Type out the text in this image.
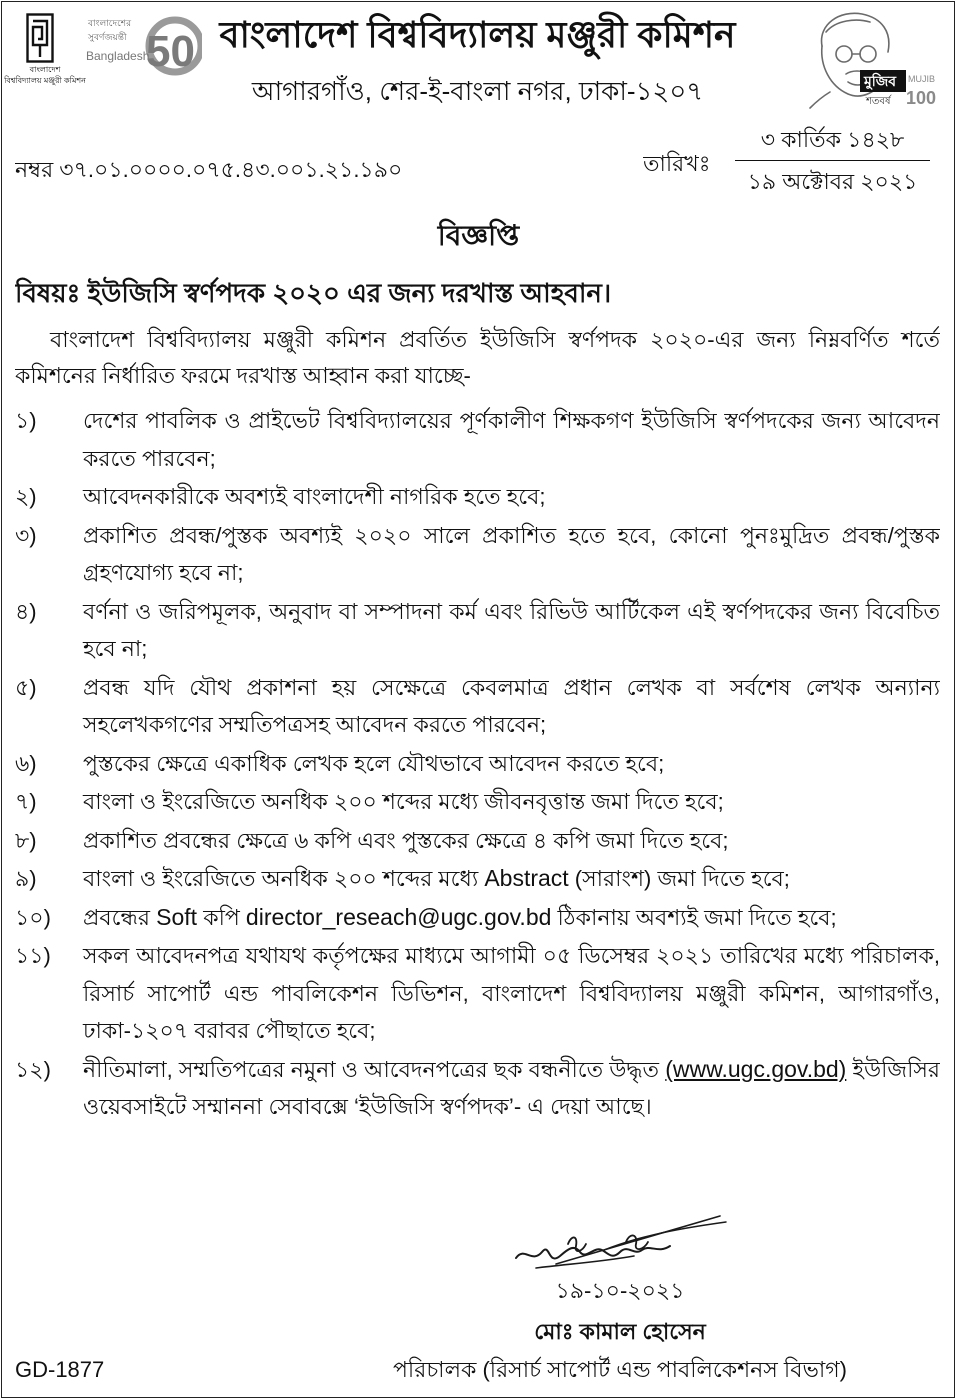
বাংলাদেশ
বিশ্ববিদ্যালয় মঞ্জুরী কমিশন
বাংলাদেশের
সুবর্ণজয়ন্তী
Bangladesh
50 বাংলাদেশ বিশ্ববিদ্যালয় মঞ্জুরী কমিশন
আগারগাঁও, শের-ই-বাংলা নগর, ঢাকা-১২০৭	মুজিব
শতবর্ষ
MUJIB
100
নম্বর ৩৭.০১.০০০০.০৭৫.৪৩.০০১.২১.১৯০	তারিখঃ
৩ কার্তিক ১৪২৮
১৯ অক্টোবর ২০২১
বিজ্ঞপ্তি
বিষয়ঃ ইউজিসি স্বর্ণপদক ২০২০ এর জন্য দরখাস্ত আহবান।

বাংলাদেশ বিশ্ববিদ্যালয় মঞ্জুরী কমিশন প্রবর্তিত ইউজিসি স্বর্ণপদক ২০২০-এর জন্য নিম্নবর্ণিত শর্তে কমিশনের নির্ধারিত ফরমে দরখাস্ত আহ্বান করা যাচ্ছে-

১)	দেশের পাবলিক ও প্রাইভেট বিশ্ববিদ্যালয়ের পূর্ণকালীণ শিক্ষকগণ ইউজিসি স্বর্ণপদকের জন্য আবেদন করতে পারবেন;
২)	আবেদনকারীকে অবশ্যই বাংলাদেশী নাগরিক হতে হবে;
৩)	প্রকাশিত প্রবন্ধ/পুস্তক অবশ্যই ২০২০ সালে প্রকাশিত হতে হবে, কোনো পুনঃমুদ্রিত প্রবন্ধ/পুস্তক গ্রহণযোগ্য হবে না;
৪)	বর্ণনা ও জরিপমূলক, অনুবাদ বা সম্পাদনা কর্ম এবং রিভিউ আর্টিকেল এই স্বর্ণপদকের জন্য বিবেচিত হবে না;
৫)	প্রবন্ধ যদি যৌথ প্রকাশনা হয় সেক্ষেত্রে কেবলমাত্র প্রধান লেখক বা সর্বশেষ লেখক অন্যান্য সহলেখকগণের সম্মতিপত্রসহ আবেদন করতে পারবেন;
৬)	পুস্তকের ক্ষেত্রে একাধিক লেখক হলে যৌথভাবে আবেদন করতে হবে;
৭)	বাংলা ও ইংরেজিতে অনধিক ২০০ শব্দের মধ্যে জীবনবৃত্তান্ত জমা দিতে হবে;
৮)	প্রকাশিত প্রবন্ধের ক্ষেত্রে ৬ কপি এবং পুস্তকের ক্ষেত্রে ৪ কপি জমা দিতে হবে;
৯)	বাংলা ও ইংরেজিতে অনধিক ২০০ শব্দের মধ্যে Abstract (সারাংশ) জমা দিতে হবে;
১০)	প্রবন্ধের Soft কপি director_reseach@ugc.gov.bd ঠিকানায় অবশ্যই জমা দিতে হবে;
১১)	সকল আবেদনপত্র যথাযথ কর্তৃপক্ষের মাধ্যমে আগামী ০৫ ডিসেম্বর ২০২১ তারিখের মধ্যে পরিচালক, রিসার্চ সাপোর্ট এন্ড পাবলিকেশন ডিভিশন, বাংলাদেশ বিশ্ববিদ্যালয় মঞ্জুরী কমিশন, আগারগাঁও, ঢাকা-১২০৭ বরাবর পৌছাতে হবে;
১২)	নীতিমালা, সম্মতিপত্রের নমুনা ও আবেদনপত্রের ছক বন্ধনীতে উদ্ধৃত (www.ugc.gov.bd) ইউজিসির ওয়েবসাইটে সম্মাননা সেবাবক্সে ‘ইউজিসি স্বর্ণপদক’- এ দেয়া আছে।
১৯-১০-২০২১
মোঃ কামাল হোসেন
পরিচালক (রিসার্চ সাপোর্ট এন্ড পাবলিকেশনস বিভাগ)
GD-1877
